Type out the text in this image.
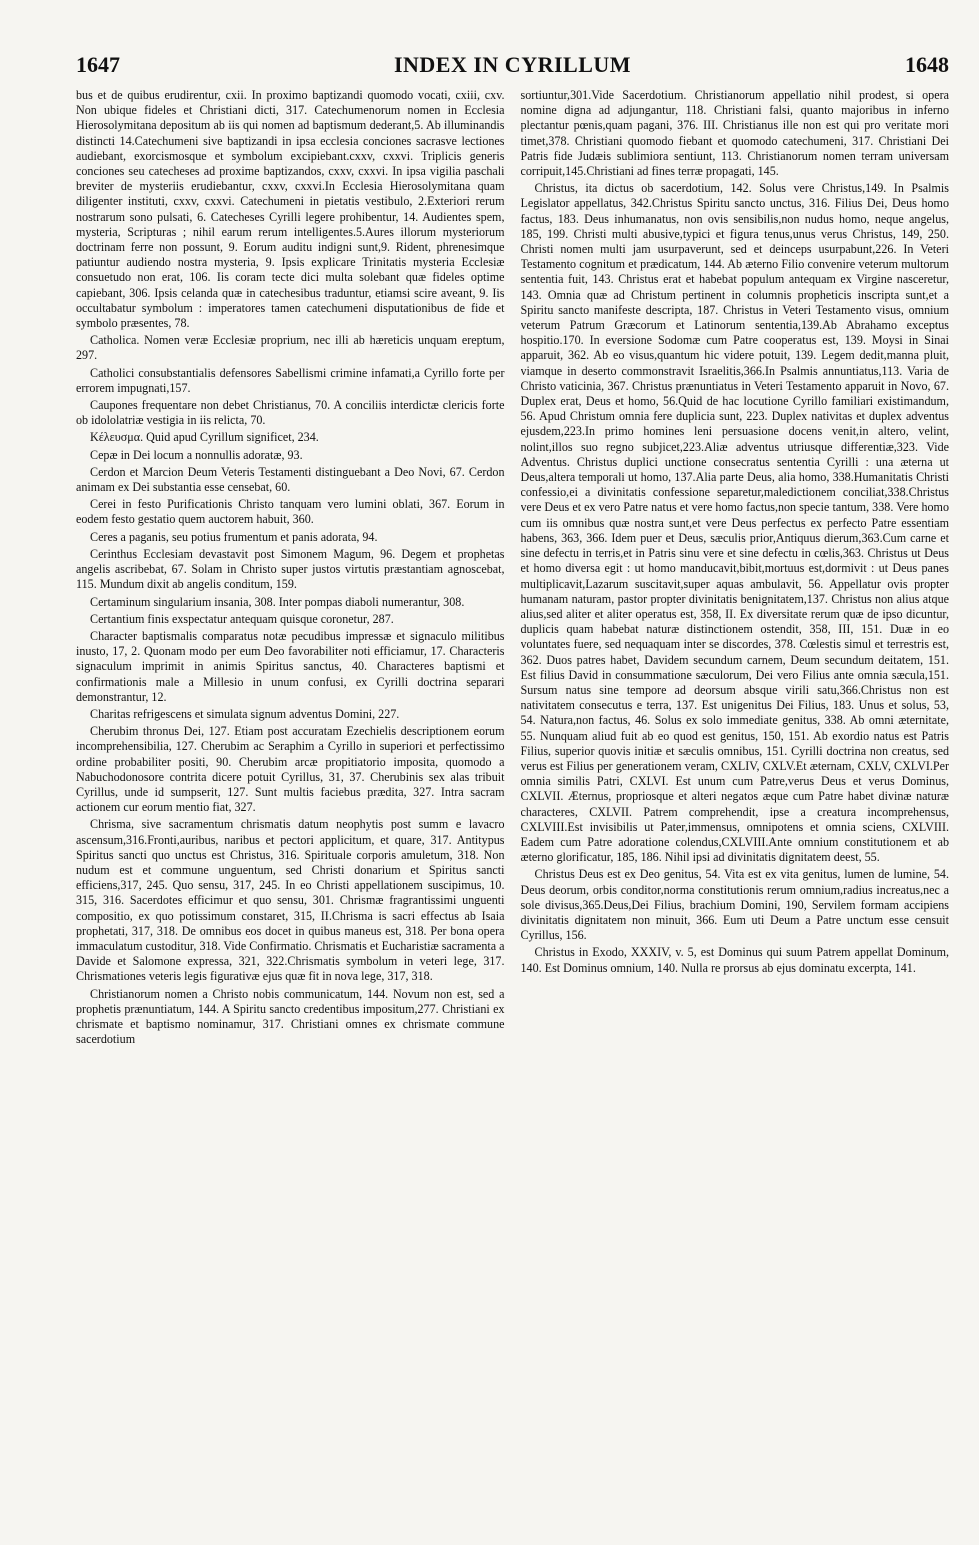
1647	INDEX IN CYRILLUM	1648

bus et de quibus erudirentur, cxii. In proximo baptizandi quomodo vocati, cxiii, cxv. Non ubique fideles et Christiani dicti, 317. Catechumenorum nomen in Ecclesia Hierosolymitana depositum ab iis qui nomen ad baptismum dederant,5. Ab illuminandis distincti 14.Catechumeni sive baptizandi in ipsa ecclesia conciones sacrasve lectiones audiebant, exorcismosque et symbolum excipiebant.cxxv, cxxvi. Triplicis generis conciones seu catecheses ad proxime baptizandos, cxxv, cxxvi. In ipsa vigilia paschali breviter de mysteriis erudiebantur, cxxv, cxxvi.In Ecclesia Hierosolymitana quam diligenter instituti, cxxv, cxxvi. Catechumeni in pietatis vestibulo, 2.Exteriori rerum nostrarum sono pulsati, 6. Catecheses Cyrilli legere prohibentur, 14. Audientes spem, mysteria, Scripturas ; nihil earum rerum intelligentes.5.Aures illorum mysteriorum doctrinam ferre non possunt, 9. Eorum auditu indigni sunt,9. Rident, phrenesimque patiuntur audiendo nostra mysteria, 9. Ipsis explicare Trinitatis mysteria Ecclesiæ consuetudo non erat, 106. Iis coram tecte dici multa solebant quæ fideles optime capiebant, 306. Ipsis celanda quæ in catechesibus traduntur, etiamsi scire aveant, 9. Iis occultabatur symbolum : imperatores tamen catechumeni disputationibus de fide et symbolo præsentes, 78.

Catholica. Nomen veræ Ecclesiæ proprium, nec illi ab hæreticis unquam ereptum, 297.

Catholici consubstantialis defensores Sabellismi crimine infamati,a Cyrillo forte per errorem impugnati,157.

Caupones frequentare non debet Christianus, 70. A conciliis interdictæ clericis forte ob idololatriæ vestigia in iis relicta, 70.

Κέλευσμα. Quid apud Cyrillum significet, 234.

Cepæ in Dei locum a nonnullis adoratæ, 93.

Cerdon et Marcion Deum Veteris Testamenti distinguebant a Deo Novi, 67. Cerdon animam ex Dei substantia esse censebat, 60.

Cerei in festo Purificationis Christo tanquam vero lumini oblati, 367. Eorum in eodem festo gestatio quem auctorem habuit, 360.

Ceres a paganis, seu potius frumentum et panis adorata, 94.

Cerinthus Ecclesiam devastavit post Simonem Magum, 96. Degem et prophetas angelis ascribebat, 67. Solam in Christo super justos virtutis præstantiam agnoscebat, 115. Mundum dixit ab angelis conditum, 159.

Certaminum singularium insania, 308. Inter pompas diaboli numerantur, 308.

Certantium finis exspectatur antequam quisque coronetur, 287.

Character baptismalis comparatus notæ pecudibus impressæ et signaculo militibus inusto, 17, 2. Quonam modo per eum Deo favorabiliter noti efficiamur, 17. Characteris signaculum imprimit in animis Spiritus sanctus, 40. Characteres baptismi et confirmationis male a Millesio in unum confusi, ex Cyrilli doctrina separari demonstrantur, 12.

Charitas refrigescens et simulata signum adventus Domini, 227.

Cherubim thronus Dei, 127. Etiam post accuratam Ezechielis descriptionem eorum incomprehensibilia, 127. Cherubim ac Seraphim a Cyrillo in superiori et perfectissimo ordine probabiliter positi, 90. Cherubim arcæ propitiatorio imposita, quomodo a Nabuchodonosore contrita dicere potuit Cyrillus, 31, 37. Cherubinis sex alas tribuit Cyrillus, unde id sumpserit, 127. Sunt multis faciebus prædita, 327. Intra sacram actionem cur eorum mentio fiat, 327.

Chrisma, sive sacramentum chrismatis datum neophytis post summ e lavacro ascensum,316.Fronti,auribus, naribus et pectori applicitum, et quare, 317. Antitypus Spiritus sancti quo unctus est Christus, 316. Spirituale corporis amuletum, 318. Non nudum est et commune unguentum, sed Christi donarium et Spiritus sancti efficiens,317, 245. Quo sensu, 317, 245. In eo Christi appellationem suscipimus, 10. 315, 316. Sacerdotes efficimur et quo sensu, 301. Chrismæ fragrantissimi unguenti compositio, ex quo potissimum constaret, 315, II.Chrisma is sacri effectus ab Isaia prophetati, 317, 318. De omnibus eos docet in quibus maneus est, 318. Per bona opera immaculatum custoditur, 318. Vide Confirmatio. Chrismatis et Eucharistiæ sacramenta a Davide et Salomone expressa, 321, 322.Chrismatis symbolum in veteri lege, 317. Chrismationes veteris legis figurativæ ejus quæ fit in nova lege, 317, 318.

Christianorum nomen a Christo nobis communicatum, 144. Novum non est, sed a prophetis prænuntiatum, 144. A Spiritu sancto credentibus impositum,277. Christiani ex chrismate et baptismo nominamur, 317. Christiani omnes ex chrismate commune sacerdotium

sortiuntur,301.Vide Sacerdotium. Christianorum appellatio nihil prodest, si opera nomine digna ad adjungantur, 118. Christiani falsi, quanto majoribus in inferno plectantur pœnis,quam pagani, 376. III. Christianus ille non est qui pro veritate mori timet,378. Christiani quomodo fiebant et quomodo catechumeni, 317. Christiani Dei Patris fide Judæis sublimiora sentiunt, 113. Christianorum nomen terram universam corripuit,145.Christiani ad fines terræ propagati, 145.

Christus, ita dictus ob sacerdotium, 142. Solus vere Christus,149. In Psalmis Legislator appellatus, 342.Christus Spiritu sancto unctus, 316. Filius Dei, Deus homo factus, 183. Deus inhumanatus, non ovis sensibilis,non nudus homo, neque angelus, 185, 199. Christi multi abusive,typici et figura tenus,unus verus Christus, 149, 250. Christi nomen multi jam usurpaverunt, sed et deinceps usurpabunt,226. In Veteri Testamento cognitum et prædicatum, 144. Ab æterno Filio convenire veterum multorum sententia fuit, 143. Christus erat et habebat populum antequam ex Virgine nasceretur, 143. Omnia quæ ad Christum pertinent in columnis propheticis inscripta sunt,et a Spiritu sancto manifeste descripta, 187. Christus in Veteri Testamento visus, omnium veterum Patrum Græcorum et Latinorum sententia,139.Ab Abrahamo exceptus hospitio.170. In eversione Sodomæ cum Patre cooperatus est, 139. Moysi in Sinai apparuit, 362. Ab eo visus,quantum hic videre potuit, 139. Legem dedit,manna pluit, viamque in deserto commonstravit Israelitis,366.In Psalmis annuntiatus,113. Varia de Christo vaticinia, 367. Christus prænuntiatus in Veteri Testamento apparuit in Novo, 67. Duplex erat, Deus et homo, 56.Quid de hac locutione Cyrillo familiari existimandum, 56. Apud Christum omnia fere duplicia sunt, 223. Duplex nativitas et duplex adventus ejusdem,223.In primo homines leni persuasione docens venit,in altero, velint, nolint,illos suo regno subjicet,223.Aliæ adventus utriusque differentiæ,323. Vide Adventus. Christus duplici unctione consecratus sententia Cyrilli : una æterna ut Deus,altera temporali ut homo, 137.Alia parte Deus, alia homo, 338.Humanitatis Christi confessio,ei a divinitatis confessione separetur,maledictionem conciliat,338.Christus vere Deus et ex vero Patre natus et vere homo factus,non specie tantum, 338. Vere homo cum iis omnibus quæ nostra sunt,et vere Deus perfectus ex perfecto Patre essentiam habens, 363, 366. Idem puer et Deus, sæculis prior,Antiquus dierum,363.Cum carne et sine defectu in terris,et in Patris sinu vere et sine defectu in cœlis,363. Christus ut Deus et homo diversa egit : ut homo manducavit,bibit,mortuus est,dormivit : ut Deus panes multiplicavit,Lazarum suscitavit,super aquas ambulavit, 56. Appellatur ovis propter humanam naturam, pastor propter divinitatis benignitatem,137. Christus non alius atque alius,sed aliter et aliter operatus est, 358, II. Ex diversitate rerum quæ de ipso dicuntur, duplicis quam habebat naturæ distinctionem ostendit, 358, III, 151. Duæ in eo voluntates fuere, sed nequaquam inter se discordes, 378. Cœlestis simul et terrestris est, 362. Duos patres habet, Davidem secundum carnem, Deum secundum deitatem, 151. Est filius David in consummatione sæculorum, Dei vero Filius ante omnia sæcula,151. Sursum natus sine tempore ad deorsum absque virili satu,366.Christus non est nativitatem consecutus e terra, 137. Est unigenitus Dei Filius, 183. Unus et solus, 53, 54. Natura,non factus, 46. Solus ex solo immediate genitus, 338. Ab omni æternitate, 55. Nunquam aliud fuit ab eo quod est genitus, 150, 151. Ab exordio natus est Patris Filius, superior quovis initiæ et sæculis omnibus, 151. Cyrilli doctrina non creatus, sed verus est Filius per generationem veram, CXLIV, CXLV.Et æternam, CXLV, CXLVI.Per omnia similis Patri, CXLVI. Est unum cum Patre,verus Deus et verus Dominus, CXLVII. Æternus, propriosque et alteri negatos æque cum Patre habet divinæ naturæ characteres, CXLVII. Patrem comprehendit, ipse a creatura incomprehensus, CXLVIII.Est invisibilis ut Pater,immensus, omnipotens et omnia sciens, CXLVIII. Eadem cum Patre adoratione colendus,CXLVIII.Ante omnium constitutionem et ab æterno glorificatur, 185, 186. Nihil ipsi ad divinitatis dignitatem deest, 55.

Christus Deus est ex Deo genitus, 54. Vita est ex vita genitus, lumen de lumine, 54. Deus deorum, orbis conditor,norma constitutionis rerum omnium,radius increatus,nec a sole divisus,365.Deus,Dei Filius, brachium Domini, 190, Servilem formam accipiens divinitatis dignitatem non minuit, 366. Eum uti Deum a Patre unctum esse censuit Cyrillus, 156.

Christus in Exodo, XXXIV, v. 5, est Dominus qui suum Patrem appellat Dominum, 140. Est Dominus omnium, 140. Nulla re prorsus ab ejus dominatu excerpta, 141.
